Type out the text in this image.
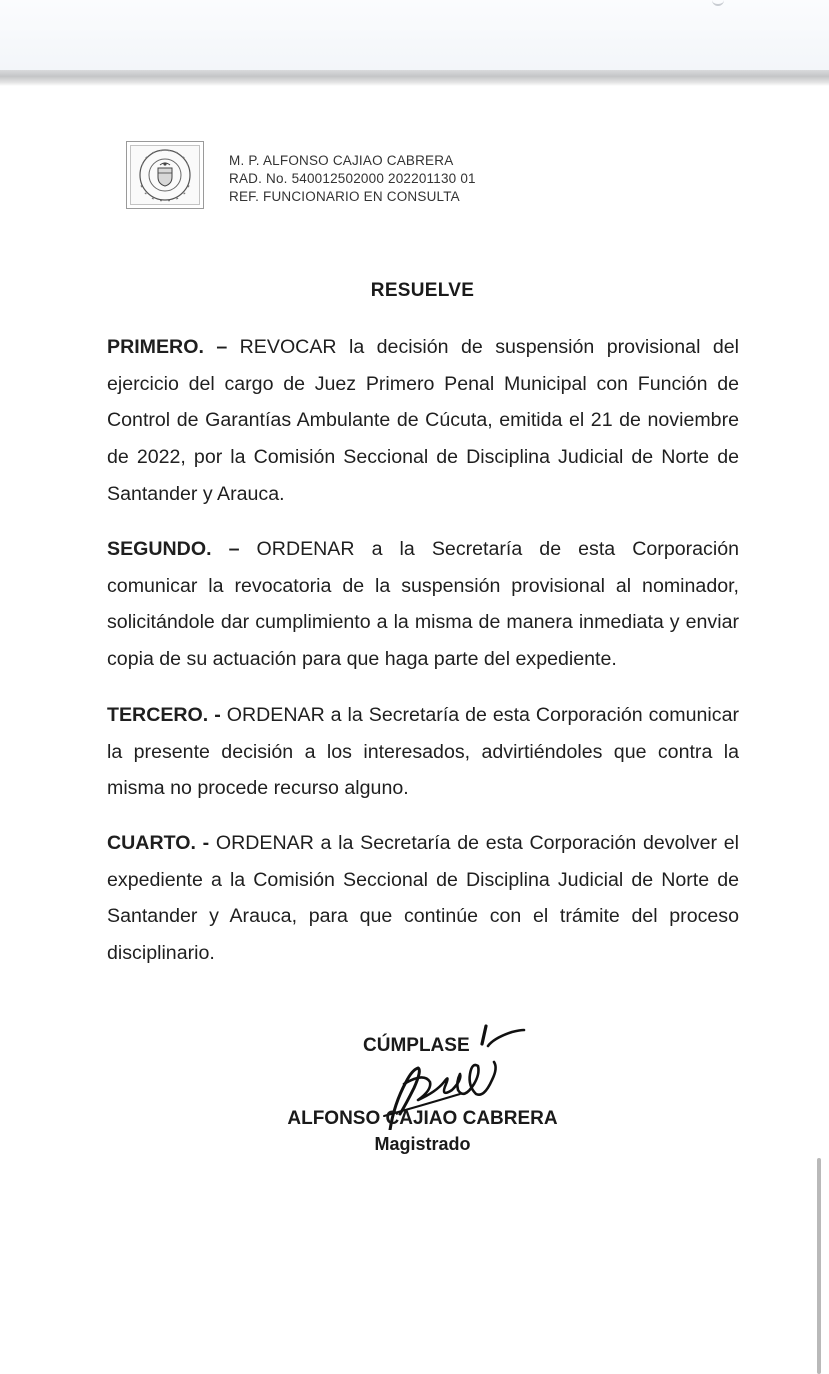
M. P. ALFONSO CAJIAO CABRERA
RAD. No. 540012502000 202201130 01
REF. FUNCIONARIO EN CONSULTA
RESUELVE
PRIMERO. – REVOCAR la decisión de suspensión provisional del ejercicio del cargo de Juez Primero Penal Municipal con Función de Control de Garantías Ambulante de Cúcuta, emitida el 21 de noviembre de 2022, por la Comisión Seccional de Disciplina Judicial de Norte de Santander y Arauca.
SEGUNDO. – ORDENAR a la Secretaría de esta Corporación comunicar la revocatoria de la suspensión provisional al nominador, solicitándole dar cumplimiento a la misma de manera inmediata y enviar copia de su actuación para que haga parte del expediente.
TERCERO. - ORDENAR a la Secretaría de esta Corporación comunicar la presente decisión a los interesados, advirtiéndoles que contra la misma no procede recurso alguno.
CUARTO. - ORDENAR a la Secretaría de esta Corporación devolver el expediente a la Comisión Seccional de Disciplina Judicial de Norte de Santander y Arauca, para que continúe con el trámite del proceso disciplinario.
CÚMPLASE
ALFONSO CAJIAO CABRERA
Magistrado
